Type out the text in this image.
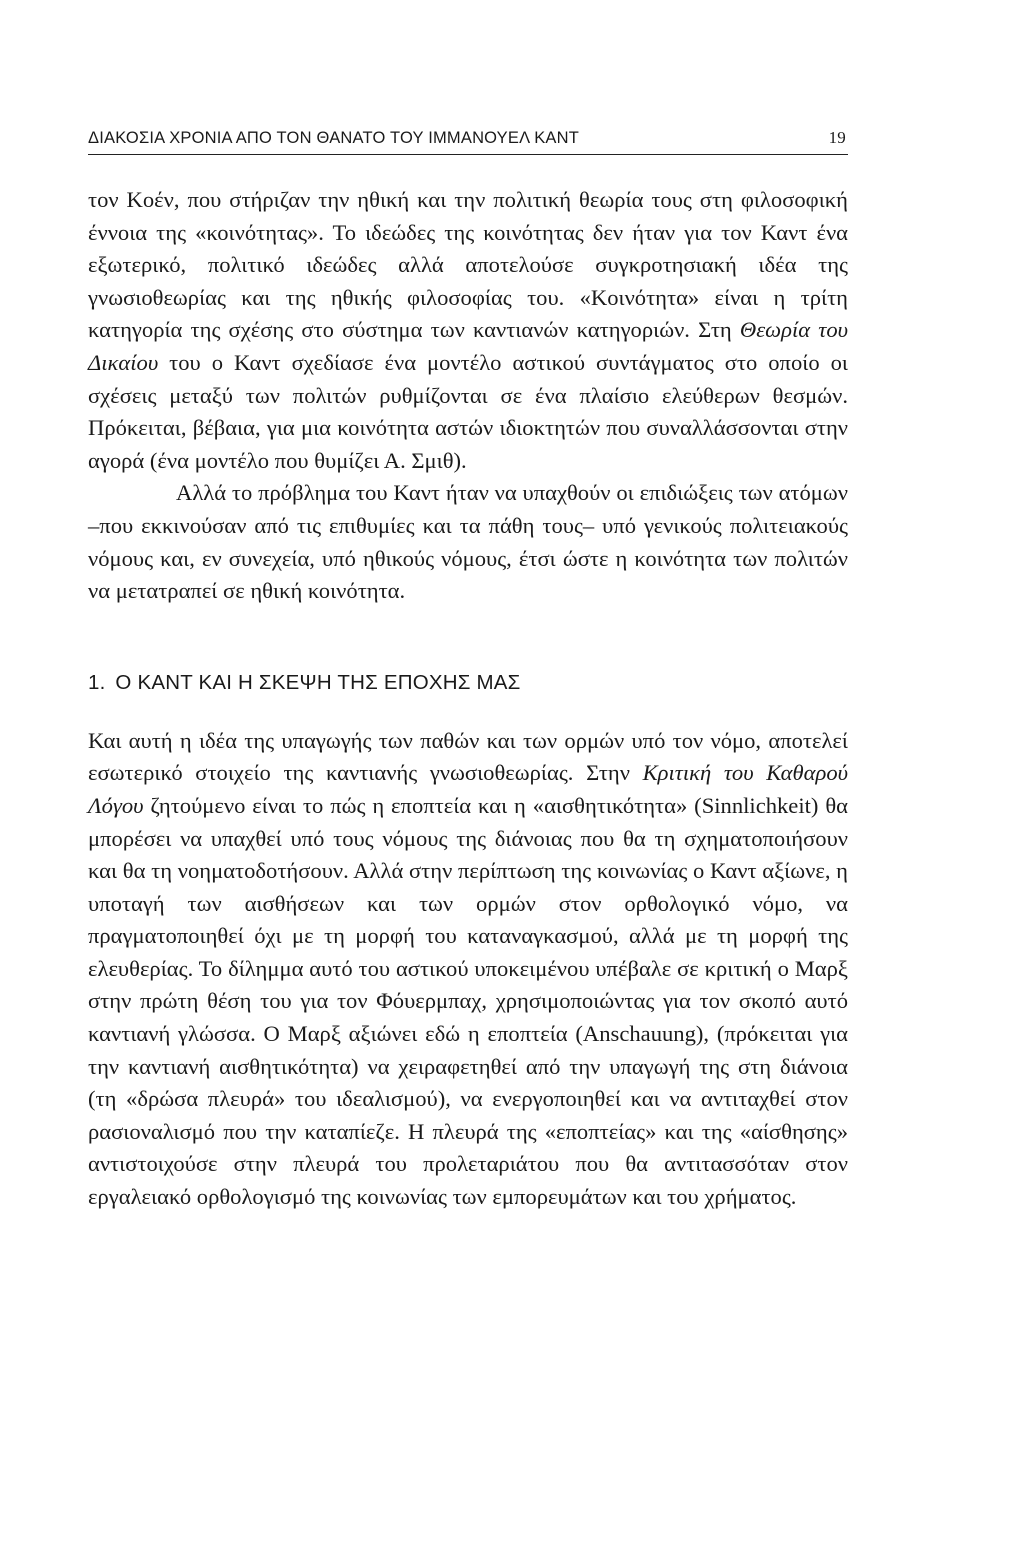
ΔΙΑΚΟΣΙΑ ΧΡΟΝΙΑ ΑΠΟ ΤΟΝ ΘΑΝΑΤΟ ΤΟΥ ΙΜΜΑΝΟΥΕΛ ΚΑΝΤ	19

τον Κοέν, που στήριζαν την ηθική και την πολιτική θεωρία τους στη φιλοσοφική έννοια της «κοινότητας». Το ιδεώδες της κοινότητας δεν ήταν για τον Καντ ένα εξωτερικό, πολιτικό ιδεώδες αλλά αποτελούσε συγκροτησιακή ιδέα της γνωσιοθεωρίας και της ηθικής φιλοσοφίας του. «Κοινότητα» είναι η τρίτη κατηγορία της σχέσης στο σύστημα των καντιανών κατηγοριών. Στη Θεωρία του Δικαίου του ο Καντ σχεδίασε ένα μοντέλο αστικού συντάγματος στο οποίο οι σχέσεις μεταξύ των πολιτών ρυθμίζονται σε ένα πλαίσιο ελεύθερων θεσμών. Πρόκειται, βέβαια, για μια κοινότητα αστών ιδιοκτητών που συναλλάσσονται στην αγορά (ένα μοντέλο που θυμίζει Α. Σμιθ).

Αλλά το πρόβλημα του Καντ ήταν να υπαχθούν οι επιδιώξεις των ατόμων –που εκκινούσαν από τις επιθυμίες και τα πάθη τους– υπό γενικούς πολιτειακούς νόμους και, εν συνεχεία, υπό ηθικούς νόμους, έτσι ώστε η κοινότητα των πολιτών να μετατραπεί σε ηθική κοινότητα.

1. Ο ΚΑΝΤ ΚΑΙ Η ΣΚΕΨΗ ΤΗΣ ΕΠΟΧΗΣ ΜΑΣ

Και αυτή η ιδέα της υπαγωγής των παθών και των ορμών υπό τον νόμο, αποτελεί εσωτερικό στοιχείο της καντιανής γνωσιοθεωρίας. Στην Κριτική του Καθαρού Λόγου ζητούμενο είναι το πώς η εποπτεία και η «αισθητικότητα» (Sinnlichkeit) θα μπορέσει να υπαχθεί υπό τους νόμους της διάνοιας που θα τη σχηματοποιήσουν και θα τη νοηματοδοτήσουν. Αλλά στην περίπτωση της κοινωνίας ο Καντ αξίωνε, η υποταγή των αισθήσεων και των ορμών στον ορθολογικό νόμο, να πραγματοποιηθεί όχι με τη μορφή του καταναγκασμού, αλλά με τη μορφή της ελευθερίας. Το δίλημμα αυτό του αστικού υποκειμένου υπέβαλε σε κριτική ο Μαρξ στην πρώτη θέση του για τον Φόυερμπαχ, χρησιμοποιώντας για τον σκοπό αυτό καντιανή γλώσσα. Ο Μαρξ αξιώνει εδώ η εποπτεία (Anschauung), (πρόκειται για την καντιανή αισθητικότητα) να χειραφετηθεί από την υπαγωγή της στη διάνοια (τη «δρώσα πλευρά» του ιδεαλισμού), να ενεργοποιηθεί και να αντιταχθεί στον ρασιοναλισμό που την καταπίεζε. Η πλευρά της «εποπτείας» και της «αίσθησης» αντιστοιχούσε στην πλευρά του προλεταριάτου που θα αντιτασσόταν στον εργαλειακό ορθολογισμό της κοινωνίας των εμπορευμάτων και του χρήματος.
